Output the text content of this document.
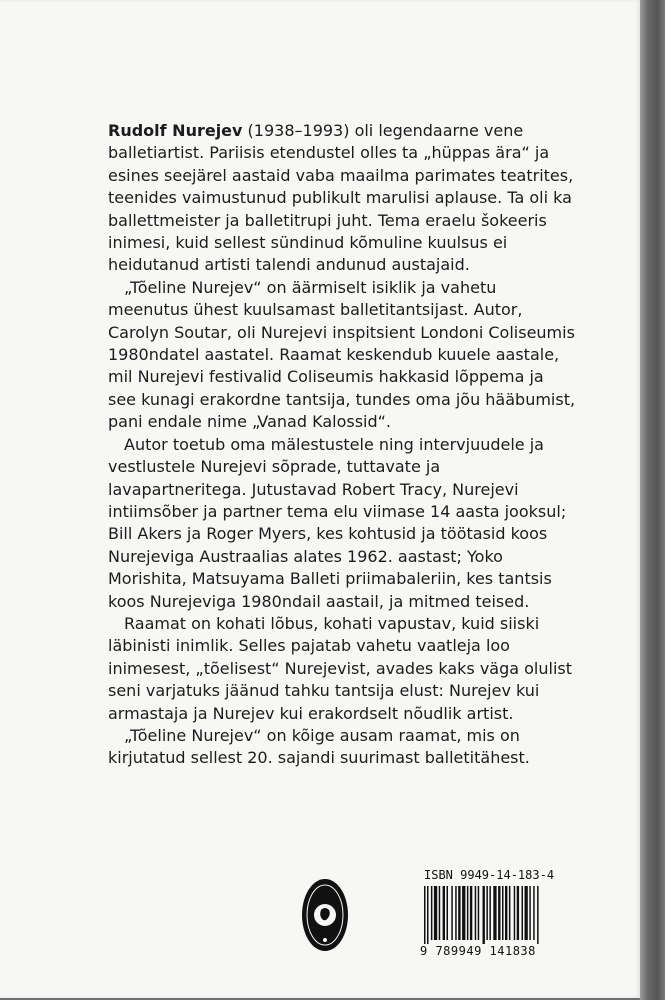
Rudolf Nurejev (1938–1993) oli legendaarne vene balletiartist. Pariisis etendustel olles ta „hüppas ära“ ja esines seejärel aastaid vaba maailma parimates teatrites, teenides vaimustunud publikult marulisi aplause. Ta oli ka ballettmeister ja balletitrupi juht. Tema eraelu šokeeris inimesi, kuid sellest sündinud kõmuline kuulsus ei heidutanud artisti talendi andunud austajaid.

„Tõeline Nurejev“ on äärmiselt isiklik ja vahetu meenutus ühest kuulsamast balletitantsijast. Autor, Carolyn Soutar, oli Nurejevi inspitsient Londoni Coliseumis 1980ndatel aastatel. Raamat keskendub kuuele aastale, mil Nurejevi festivalid Coliseumis hakkasid lõppema ja see kunagi erakordne tantsija, tundes oma jõu hääbumist, pani endale nime „Vanad Kalossid“.

Autor toetub oma mälestustele ning intervjuudele ja vestlustele Nurejevi sõprade, tuttavate ja lavapartneritega. Jutustavad Robert Tracy, Nurejevi intiimsõber ja partner tema elu viimase 14 aasta jooksul; Bill Akers ja Roger Myers, kes kohtusid ja töötasid koos Nurejeviga Austraalias alates 1962. aastast; Yoko Morishita, Matsuyama Balleti priimabaleriin, kes tantsis koos Nurejeviga 1980ndail aastail, ja mitmed teised.

Raamat on kohati lõbus, kohati vapustav, kuid siiski läbinisti inimlik. Selles pajatab vahetu vaatleja loo inimesest, „tõelisest“ Nurejevist, avades kaks väga olulist seni varjatuks jäänud tahku tantsija elust: Nurejev kui armastaja ja Nurejev kui erakordselt nõudlik artist.

„Tõeline Nurejev“ on kõige ausam raamat, mis on kirjutatud sellest 20. sajandi suurimast balletitähest.

ISBN 9949-14-183-4
9 789949 141838
